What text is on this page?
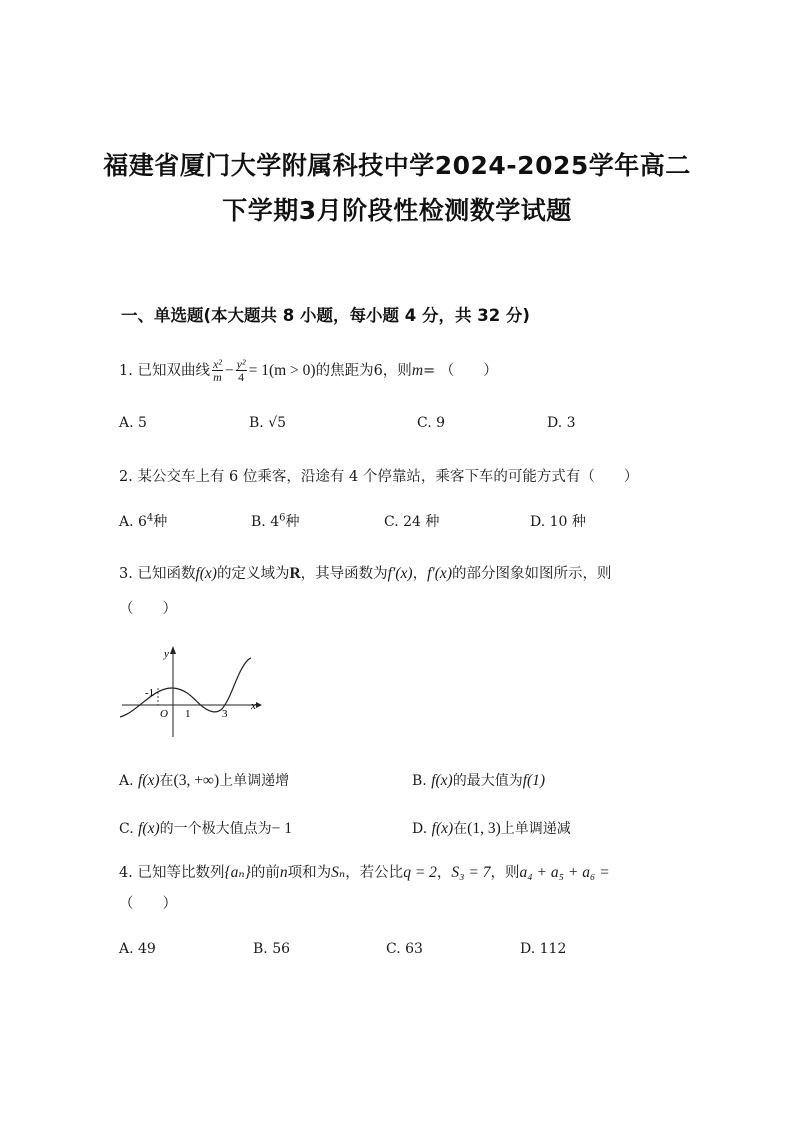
福建省厦门大学附属科技中学2024-2025学年高二
下学期3月阶段性检测数学试题
一、单选题(本大题共 8 小题，每小题 4 分，共 32 分)
1. 已知双曲线 $\frac{\text{x²}}{m} - \frac{\text{y²}}{4} = 1(m > 0)$的焦距为6，则m= （　　）
A. 5	B. √5	C. 9	D. 3
2. 某公交车上有 6 位乘客，沿途有 4 个停靠站，乘客下车的可能方式有（　　）
A. $6^4$种	B. $4^6$种	C. 24 种	D. 10 种
3. 已知函数f(x)的定义域为R，其导函数为f′(x)，f′(x)的部分图象如图所示，则
（　　）
y
x
O
-1
1	3
A. f(x)在(3, +∞)上单调递增	B. f(x)的最大值为f(1)
C. f(x)的一个极大值点为− 1	D. f(x)在(1, 3)上单调递减
4. 已知等比数列{aₙ}的前n项和为Sₙ，若公比q = 2，S₃ = 7，则a₄ + a₅ + a₆ =
（　　）
A. 49	B. 56	C. 63	D. 112
